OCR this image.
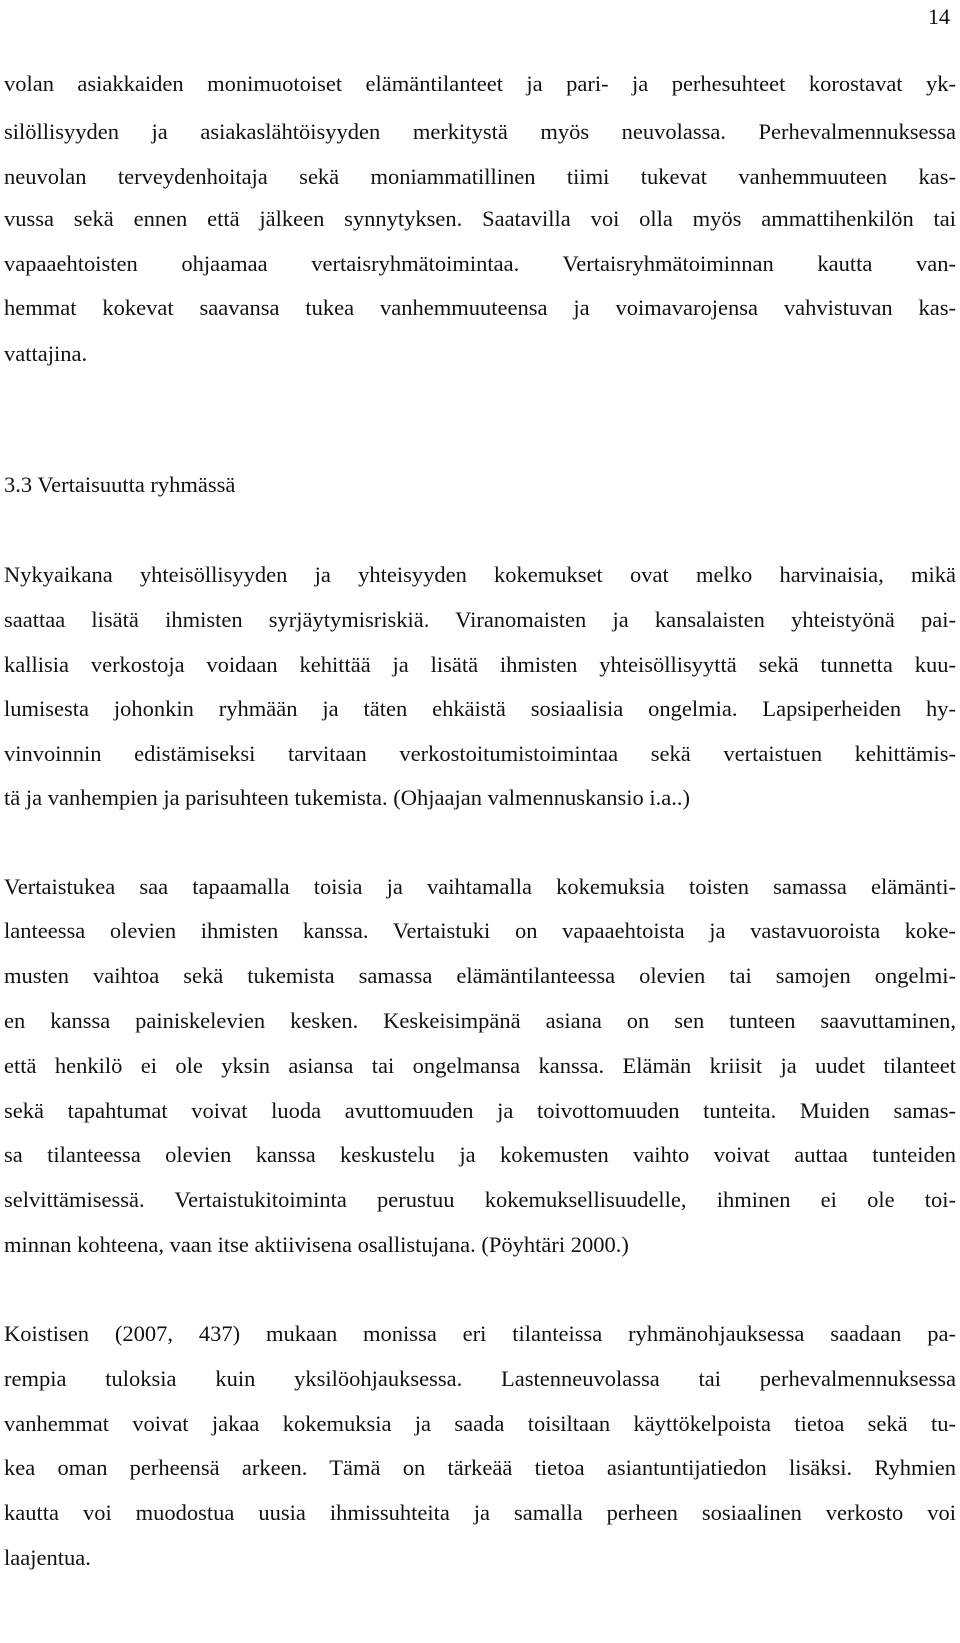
14
volan asiakkaiden monimuotoiset elämäntilanteet ja pari- ja perhesuhteet korostavat yk-
silöllisyyden ja asiakaslähtöisyyden merkitystä myös neuvolassa. Perhevalmennuksessa
neuvolan terveydenhoitaja sekä moniammatillinen tiimi tukevat vanhemmuuteen kas-
vussa sekä ennen että jälkeen synnytyksen. Saatavilla voi olla myös ammattihenkilön tai
vapaaehtoisten ohjaamaa vertaisryhmätoimintaa. Vertaisryhmätoiminnan kautta van-
hemmat kokevat saavansa tukea vanhemmuuteensa ja voimavarojensa vahvistuvan kas-
vattajina.
3.3 Vertaisuutta ryhmässä
Nykyaikana yhteisöllisyyden ja yhteisyyden kokemukset ovat melko harvinaisia, mikä
saattaa lisätä ihmisten syrjäytymisriskiä. Viranomaisten ja kansalaisten yhteistyönä pai-
kallisia verkostoja voidaan kehittää ja lisätä ihmisten yhteisöllisyyttä sekä tunnetta kuu-
lumisesta johonkin ryhmään ja täten ehkäistä sosiaalisia ongelmia. Lapsiperheiden hy-
vinvoinnin edistämiseksi tarvitaan verkostoitumistoimintaa sekä vertaistuen kehittämis-
tä ja vanhempien ja parisuhteen tukemista. (Ohjaajan valmennuskansio i.a..)
Vertaistukea saa tapaamalla toisia ja vaihtamalla kokemuksia toisten samassa elämänti-
lanteessa olevien ihmisten kanssa. Vertaistuki on vapaaehtoista ja vastavuoroista koke-
musten vaihtoa sekä tukemista samassa elämäntilanteessa olevien tai samojen ongelmi-
en kanssa painiskelevien kesken. Keskeisimpänä asiana on sen tunteen saavuttaminen,
että henkilö ei ole yksin asiansa tai ongelmansa kanssa. Elämän kriisit ja uudet tilanteet
sekä tapahtumat voivat luoda avuttomuuden ja toivottomuuden tunteita. Muiden samas-
sa tilanteessa olevien kanssa keskustelu ja kokemusten vaihto voivat auttaa tunteiden
selvittämisessä. Vertaistukitoiminta perustuu kokemuksellisuudelle, ihminen ei ole toi-
minnan kohteena, vaan itse aktiivisena osallistujana. (Pöyhtäri 2000.)
Koistisen (2007, 437) mukaan monissa eri tilanteissa ryhmänohjauksessa saadaan pa-
rempia tuloksia kuin yksilöohjauksessa. Lastenneuvolassa tai perhevalmennuksessa
vanhemmat voivat jakaa kokemuksia ja saada toisiltaan käyttökelpoista tietoa sekä tu-
kea oman perheensä arkeen. Tämä on tärkeää tietoa asiantuntijatiedon lisäksi. Ryhmien
kautta voi muodostua uusia ihmissuhteita ja samalla perheen sosiaalinen verkosto voi
laajentua.
